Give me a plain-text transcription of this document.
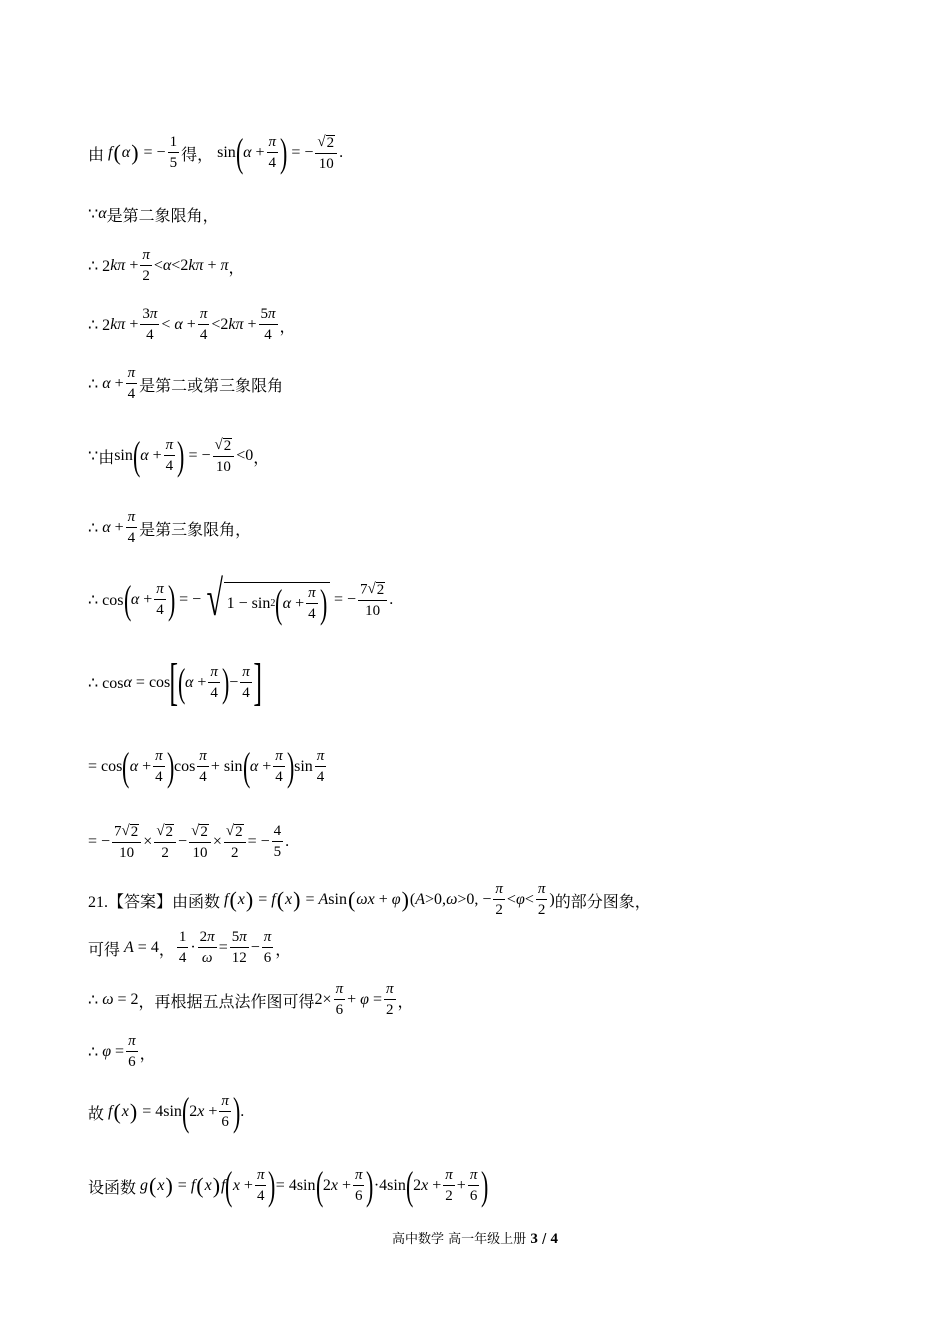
由 f ( α ) = −
1
5 得， sin ( α +
π
4 ) = −
√ 2
10
.
∵ α 是第二象限角，
∴ 2 kπ +
π
2
< α <2 kπ + π ，
∴ 2 kπ +
3π
4
< α +
π
4
<2 kπ +
5π
4 ，
∴ α +
π
4 是第二或第三象限角
∵ 由 sin ( α +
π
4 ) = −
√ 2
10
<0 ，
∴ α +
π
4 是第三象限角，
∴ cos ( α +
π
4 ) = − √ 1 − sin 2 ( α +
π
4 ) = −
7 √ 2
10
.
∴ cos α = cos [ ( α +
π
4 ) −
π
4 ]
= cos ( α +
π
4 ) cos
π
4
+ sin ( α +
π
4 ) sin
π
4
= −
7 √ 2
10
×
√ 2
2
−
√ 2
10
×
√ 2
2
= −
4
5
.
21.【答案】由函数 f ( x ) = f ( x ) = A sin ( ωx + φ ) ( A >0, ω >0, −
π
2
< φ <
π
2
) 的部分图象，
可得
A = 4 ，
1
4
·
2π
ω
=
5π
12
−
π
6 ，
∴ ω = 2 ，再根据五点法作图可得 2×
π
6
+ φ =
π
2 ，
∴ φ =
π
6 ，
故 f ( x ) = 4sin ( 2 x +
π
6 ) .
设函数 g ( x ) = f ( x ) f ( x +
π
4 ) = 4sin ( 2 x +
π
6 ) ·4sin ( 2 x +
π
2
+
π
6 )
高中数学 高一年级上册 3 / 4
